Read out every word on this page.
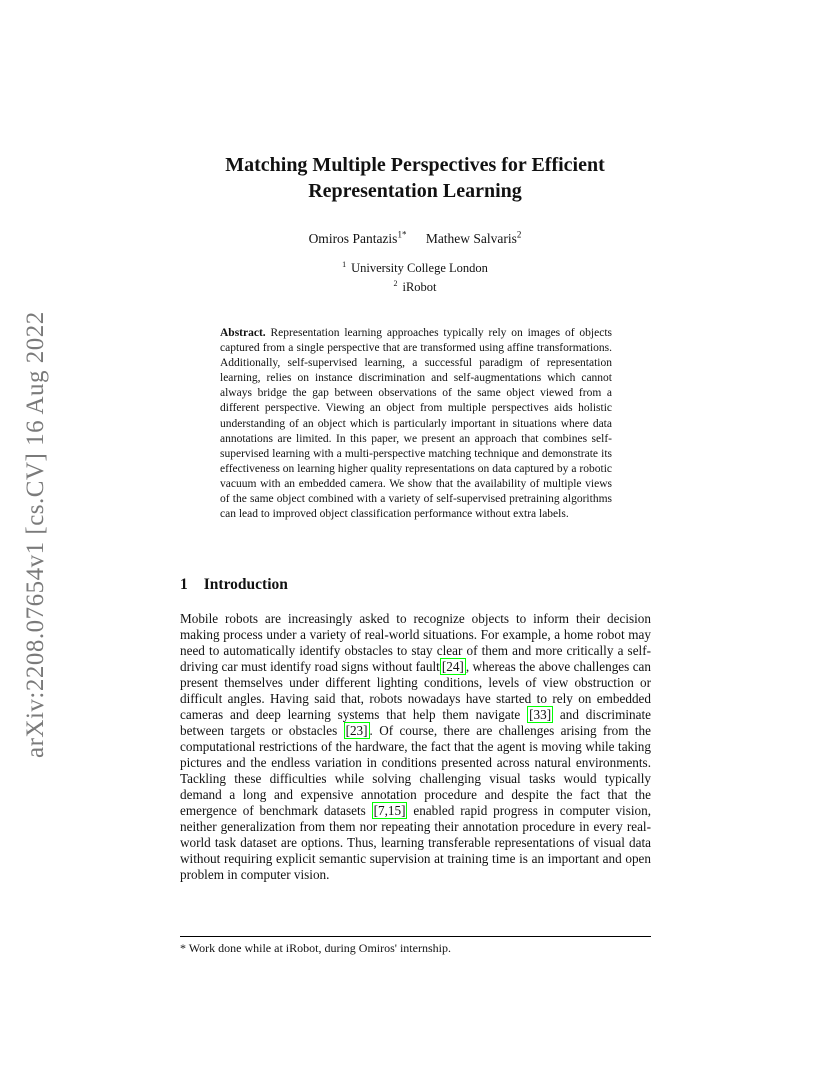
arXiv:2208.07654v1 [cs.CV] 16 Aug 2022
Matching Multiple Perspectives for Efficient
Representation Learning
Omiros Pantazis$^{1*}$ Mathew Salvaris$^2$
$^1$ University College London
$^2$ iRobot
Abstract. Representation learning approaches typically rely on images of objects captured from a single perspective that are transformed using affine transformations. Additionally, self-supervised learning, a successful paradigm of representation learning, relies on instance discrimination and self-augmentations which cannot always bridge the gap between observations of the same object viewed from a different perspective. Viewing an object from multiple perspectives aids holistic understanding of an object which is particularly important in situations where data annotations are limited. In this paper, we present an approach that combines self-supervised learning with a multi-perspective matching technique and demonstrate its effectiveness on learning higher quality representations on data captured by a robotic vacuum with an embedded camera. We show that the availability of multiple views of the same object combined with a variety of self-supervised pretraining algorithms can lead to improved object classification performance without extra labels.
1 Introduction
Mobile robots are increasingly asked to recognize objects to inform their decision making process under a variety of real-world situations. For example, a home robot may need to automatically identify obstacles to stay clear of them and more critically a self-driving car must identify road signs without fault [24] , whereas the above challenges can present themselves under different lighting conditions, levels of view obstruction or difficult angles. Having said that, robots nowadays have started to rely on embedded cameras and deep learning systems that help them navigate [33] and discriminate between targets or obstacles [23] . Of course, there are challenges arising from the computational restrictions of the hardware, the fact that the agent is moving while taking pictures and the endless variation in conditions presented across natural environments. Tackling these difficulties while solving challenging visual tasks would typically demand a long and expensive annotation procedure and despite the fact that the emergence of benchmark datasets [7,15] enabled rapid progress in computer vision, neither generalization from them nor repeating their annotation procedure in every real-world task dataset are options. Thus, learning transferable representations of visual data without requiring explicit semantic supervision at training time is an important and open problem in computer vision.
* Work done while at iRobot, during Omiros' internship.
